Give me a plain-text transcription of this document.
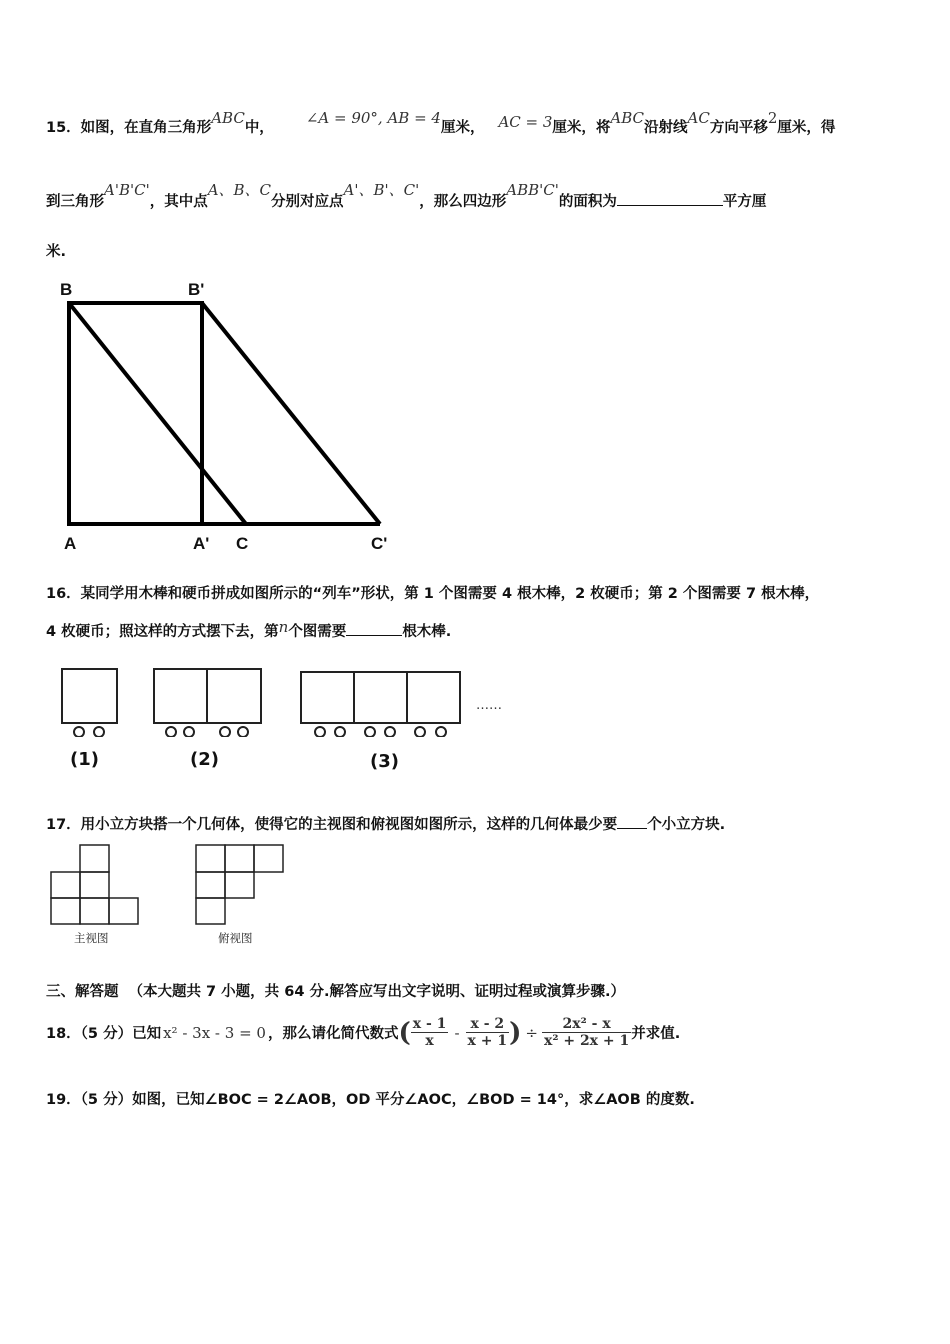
15．如图，在直角三角形ABC中，∠A = 90°, AB = 4厘米， AC = 3厘米，将ABC沿射线AC方向平移2厘米，得
到三角形A'B'C'，其中点A、B、C分别对应点A'、B'、C'，那么四边形ABB'C'的面积为	平方厘
米.
B	B'
A	A' C	C'
16．某同学用木棒和硬币拼成如图所示的“列车”形状，第 1 个图需要 4 根木棒，2 枚硬币；第 2 个图需要 7 根木棒，
4 枚硬币；照这样的方式摆下去，第n个图需要	根木棒.
……
(1)	(2)	(3)
17．用小立方块搭一个几何体，使得它的主视图和俯视图如图所示，这样的几何体最少要 个小立方块.
主视图	俯视图
三、解答题 （本大题共 7 小题，共 64 分.解答应写出文字说明、证明过程或演算步骤.）
18．（5 分）已知 x² - 3x - 3 = 0 ，那么请化简代数式 ( $\frac{x - 1}{x} - \frac{x - 2}{x + 1}$ ) ÷ $\frac{\text{2x² - x}}{\text{x² + 2x + 1}}$ 并求值.
19．（5 分）如图，已知∠BOC = 2∠AOB，OD 平分∠AOC，∠BOD = 14°，求∠AOB 的度数.
